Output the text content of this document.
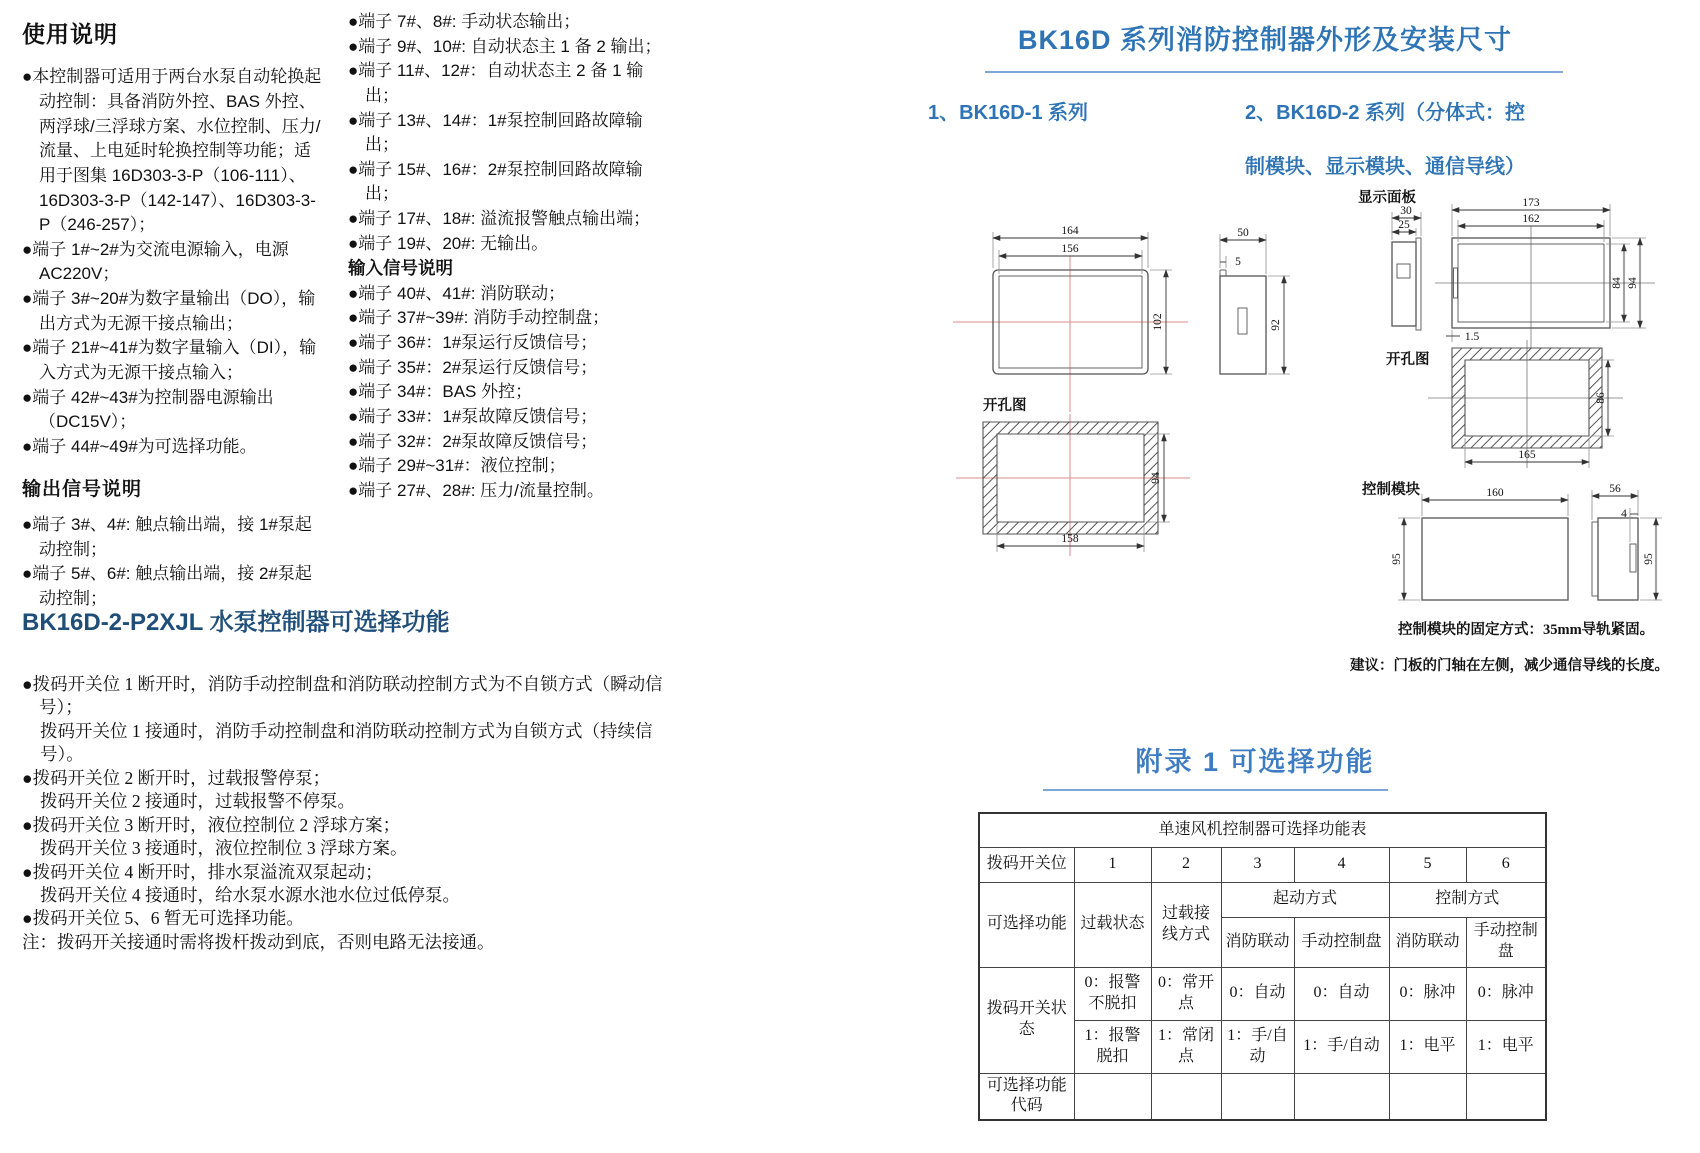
使用说明

●本控制器可适用于两台水泵自动轮换起动控制：具备消防外控、BAS 外控、两浮球/三浮球方案、水位控制、压力/流量、上电延时轮换控制等功能；适用于图集 16D303-3-P（106-111）、16D303-3-P（142-147）、16D303-3-P（246-257）；

●端子 1#~2#为交流电源输入，电源 AC220V；

●端子 3#~20#为数字量输出（DO），输出方式为无源干接点输出；

●端子 21#~41#为数字量输入（DI），输入方式为无源干接点输入；

●端子 42#~43#为控制器电源输出（DC15V）；

●端子 44#~49#为可选择功能。

输出信号说明

●端子 3#、4#: 触点输出端，接 1#泵起动控制；

●端子 5#、6#: 触点输出端，接 2#泵起动控制；

●端子 7#、8#: 手动状态输出；

●端子 9#、10#: 自动状态主 1 备 2 输出；

●端子 11#、12#：自动状态主 2 备 1 输出；

●端子 13#、14#：1#泵控制回路故障输出；

●端子 15#、16#：2#泵控制回路故障输出；

●端子 17#、18#: 溢流报警触点输出端；

●端子 19#、20#: 无输出。

输入信号说明

●端子 40#、41#: 消防联动；

●端子 37#~39#: 消防手动控制盘；

●端子 36#：1#泵运行反馈信号；

●端子 35#：2#泵运行反馈信号；

●端子 34#：BAS 外控；

●端子 33#：1#泵故障反馈信号；

●端子 32#：2#泵故障反馈信号；

●端子 29#~31#：液位控制；

●端子 27#、28#: 压力/流量控制。

BK16D-2-P2XJL 水泵控制器可选择功能

●拨码开关位 1 断开时，消防手动控制盘和消防联动控制方式为不自锁方式（瞬动信号）；

拨码开关位 1 接通时，消防手动控制盘和消防联动控制方式为自锁方式（持续信号）。

●拨码开关位 2 断开时，过载报警停泵；

拨码开关位 2 接通时，过载报警不停泵。

●拨码开关位 3 断开时，液位控制位 2 浮球方案；

拨码开关位 3 接通时，液位控制位 3 浮球方案。

●拨码开关位 4 断开时，排水泵溢流双泵起动；

拨码开关位 4 接通时，给水泵水源水池水位过低停泵。

●拨码开关位 5、6 暂无可选择功能。

注：拨码开关接通时需将拨杆拨动到底，否则电路无法接通。

BK16D 系列消防控制器外形及安装尺寸
1、BK16D-1 系列	2、BK16D-2 系列（分体式：控
制模块、显示模块、通信导线）
164
156
102
50
5
92
开孔图
94
158
显示面板
30
25
173
162
84 94
1.5
开孔图
86
165
控制模块	160
95
56
4
95
控制模块的固定方式：35mm导轨紧固。
建议：门板的门轴在左侧，减少通信导线的长度。
附录 1 可选择功能
单速风机控制器可选择功能表						
拨码开关位	1	2	3	4	5	6
可选择功能	过载状态	过载接线方式	起动方式		控制方式	
			消防联动	手动控制盘	消防联动	手动控制盘
拨码开关状态	0：报警不脱扣	0：常开点	0：自动	0：自动	0：脉冲	0：脉冲
	1：报警脱扣	1：常闭点	1：手/自动	1：手/自动	1：电平	1：电平
可选择功能代码						
